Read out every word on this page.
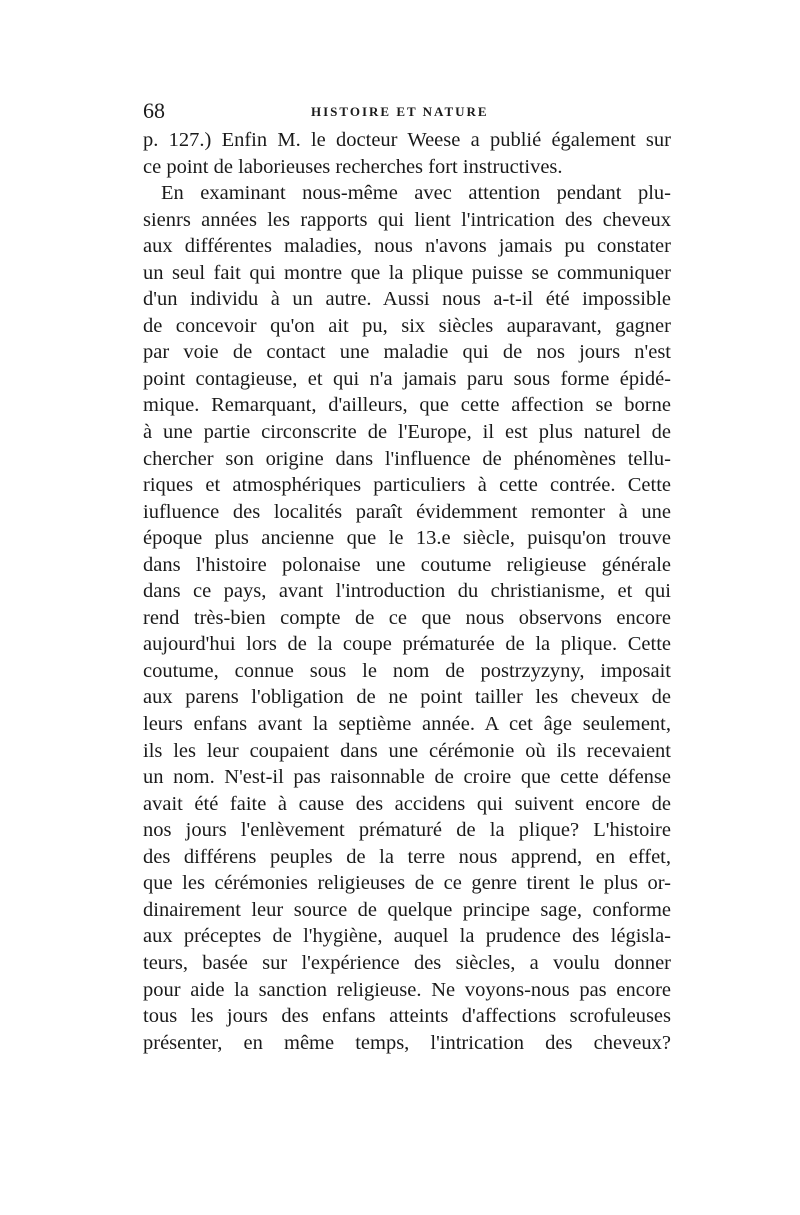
68	HISTOIRE ET NATURE
p. 127.) Enfin M. le docteur Weese a publié également sur
ce point de laborieuses recherches fort instructives.
En examinant nous-même avec attention pendant plu-
sienrs années les rapports qui lient l'intrication des cheveux
aux différentes maladies, nous n'avons jamais pu constater
un seul fait qui montre que la plique puisse se communiquer
d'un individu à un autre. Aussi nous a-t-il été impossible
de concevoir qu'on ait pu, six siècles auparavant, gagner
par voie de contact une maladie qui de nos jours n'est
point contagieuse, et qui n'a jamais paru sous forme épidé-
mique. Remarquant, d'ailleurs, que cette affection se borne
à une partie circonscrite de l'Europe, il est plus naturel de
chercher son origine dans l'influence de phénomènes tellu-
riques et atmosphériques particuliers à cette contrée. Cette
iufluence des localités paraît évidemment remonter à une
époque plus ancienne que le 13.e siècle, puisqu'on trouve
dans l'histoire polonaise une coutume religieuse générale
dans ce pays, avant l'introduction du christianisme, et qui
rend très-bien compte de ce que nous observons encore
aujourd'hui lors de la coupe prématurée de la plique. Cette
coutume, connue sous le nom de postrzyzyny, imposait
aux parens l'obligation de ne point tailler les cheveux de
leurs enfans avant la septième année. A cet âge seulement,
ils les leur coupaient dans une cérémonie où ils recevaient
un nom. N'est-il pas raisonnable de croire que cette défense
avait été faite à cause des accidens qui suivent encore de
nos jours l'enlèvement prématuré de la plique? L'histoire
des différens peuples de la terre nous apprend, en effet,
que les cérémonies religieuses de ce genre tirent le plus or-
dinairement leur source de quelque principe sage, conforme
aux préceptes de l'hygiène, auquel la prudence des législa-
teurs, basée sur l'expérience des siècles, a voulu donner
pour aide la sanction religieuse. Ne voyons-nous pas encore
tous les jours des enfans atteints d'affections scrofuleuses
présenter, en même temps, l'intrication des cheveux?
